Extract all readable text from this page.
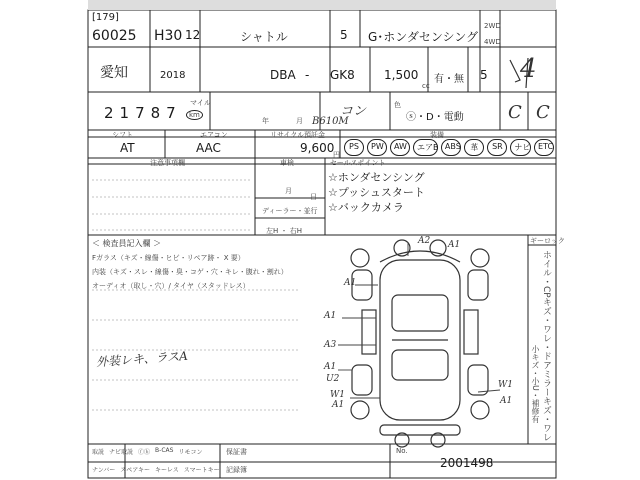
[179]
60025 H30 12	シャトル	5 G･ホンダセンシング
2WD
4WD
愛知	2018	DBA - GK8 1,500
cc
有・無 5 4
21787	km
マイル
年	月
コン
B610M
色
ⓢ・D・電動 C C
シフト	エアコン	リサイクル預託金	装備
AT	AAC	9,600
円
PS	PW	AW	エアB ABS	革	SR	ナビ ETC
注意事項欄	車検	セールスポイント
月
日
ディーラー・並行
左H ・ 右H
☆ホンダセンシング
☆プッシュスタート
☆バックカメラ
＜ 検査員記入欄 ＞
Fガラス（キズ・線傷・ヒビ・リペア跡・ X 要）
内装（キズ・スレ・線傷・臭・コゲ・穴・キレ・腹れ・割れ）
オーディオ（取し・穴）/ タイヤ（スタッドレス）
外装レキ、ラスA
ギーロック
ホイル・CPキズ・ワレ・ドアミラーキズ・ワレ
小キズ・小U・補修有
A2
A1
A1
A1
A3
A1
U2
W1
W1
A1	A1
取説 ナビ取説 ⓕⓑ B-CAS リモコン
ナンバー スペアキー キーレス スマートキー
保証書
記録簿
No.
2001498
